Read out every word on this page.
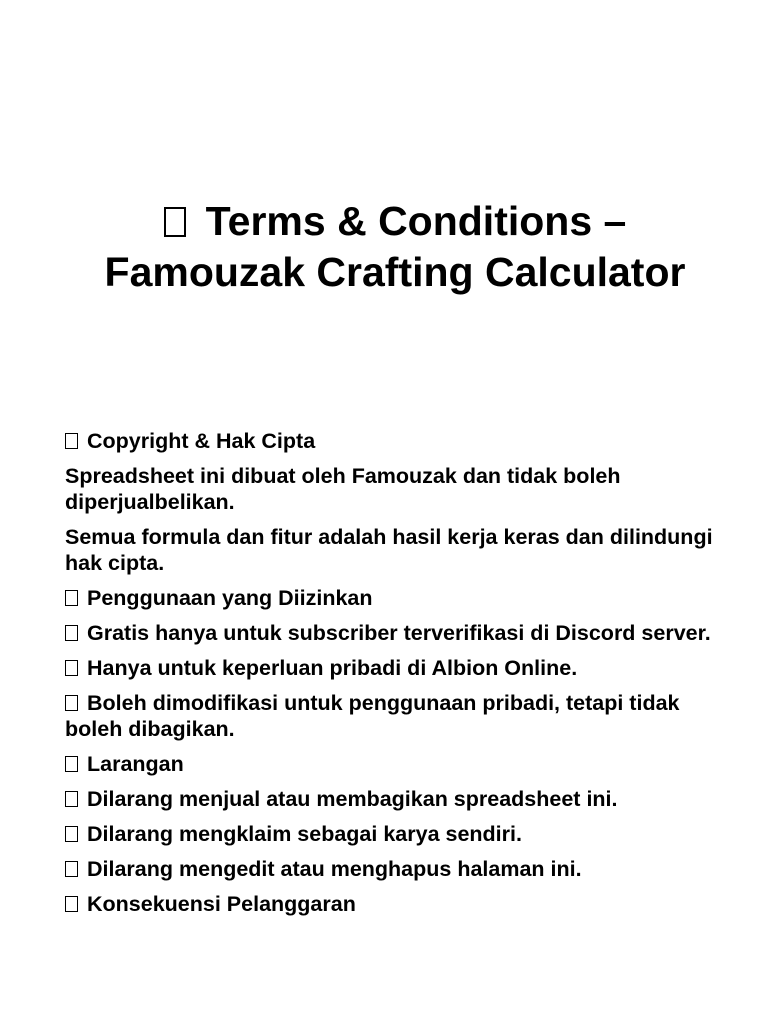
Terms & Conditions –
Famouzak Crafting Calculator

Copyright & Hak Cipta

Spreadsheet ini dibuat oleh Famouzak dan tidak boleh diperjualbelikan.

Semua formula dan fitur adalah hasil kerja keras dan dilindungi hak cipta.

Penggunaan yang Diizinkan

Gratis hanya untuk subscriber terverifikasi di Discord server.

Hanya untuk keperluan pribadi di Albion Online.

Boleh dimodifikasi untuk penggunaan pribadi, tetapi tidak boleh dibagikan.

Larangan

Dilarang menjual atau membagikan spreadsheet ini.

Dilarang mengklaim sebagai karya sendiri.

Dilarang mengedit atau menghapus halaman ini.

Konsekuensi Pelanggaran
